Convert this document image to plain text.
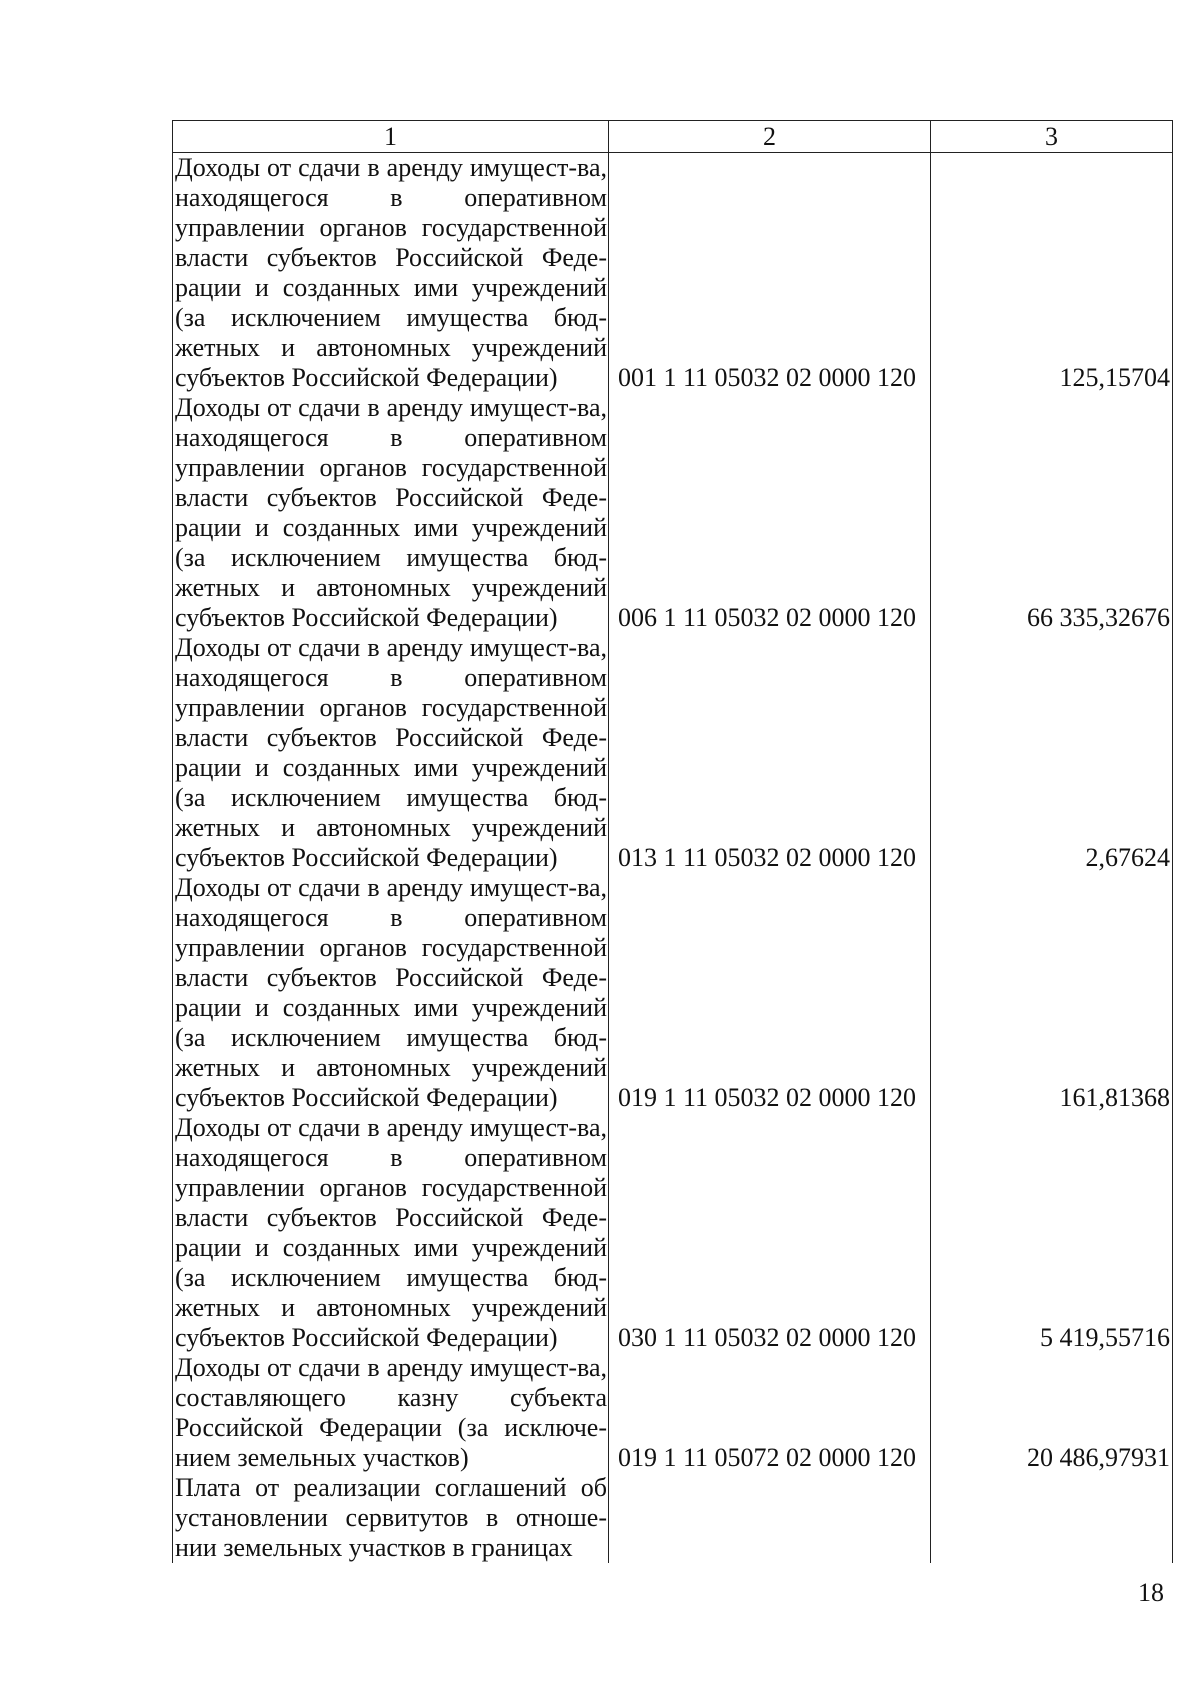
1	2	3
Доходы от сдачи в аренду имущест-ва, находящегося в оперативном управлении органов государственной власти субъектов Российской Феде-рации и созданных ими учреждений (за исключением имущества бюд-жетных и автономных учреждений субъектов Российской Федерации)	001 1 11 05032 02 0000 120	125,15704
Доходы от сдачи в аренду имущест-ва, находящегося в оперативном управлении органов государственной власти субъектов Российской Феде-рации и созданных ими учреждений (за исключением имущества бюд-жетных и автономных учреждений субъектов Российской Федерации)	006 1 11 05032 02 0000 120	66 335,32676
Доходы от сдачи в аренду имущест-ва, находящегося в оперативном управлении органов государственной власти субъектов Российской Феде-рации и созданных ими учреждений (за исключением имущества бюд-жетных и автономных учреждений субъектов Российской Федерации)	013 1 11 05032 02 0000 120	2,67624
Доходы от сдачи в аренду имущест-ва, находящегося в оперативном управлении органов государственной власти субъектов Российской Феде-рации и созданных ими учреждений (за исключением имущества бюд-жетных и автономных учреждений субъектов Российской Федерации)	019 1 11 05032 02 0000 120	161,81368
Доходы от сдачи в аренду имущест-ва, находящегося в оперативном управлении органов государственной власти субъектов Российской Феде-рации и созданных ими учреждений (за исключением имущества бюд-жетных и автономных учреждений субъектов Российской Федерации)	030 1 11 05032 02 0000 120	5 419,55716
Доходы от сдачи в аренду имущест-ва, составляющего казну субъекта Российской Федерации (за исключе-нием земельных участков)	019 1 11 05072 02 0000 120	20 486,97931
Плата от реализации соглашений об установлении сервитутов в отноше-нии земельных участков в границах		
18
